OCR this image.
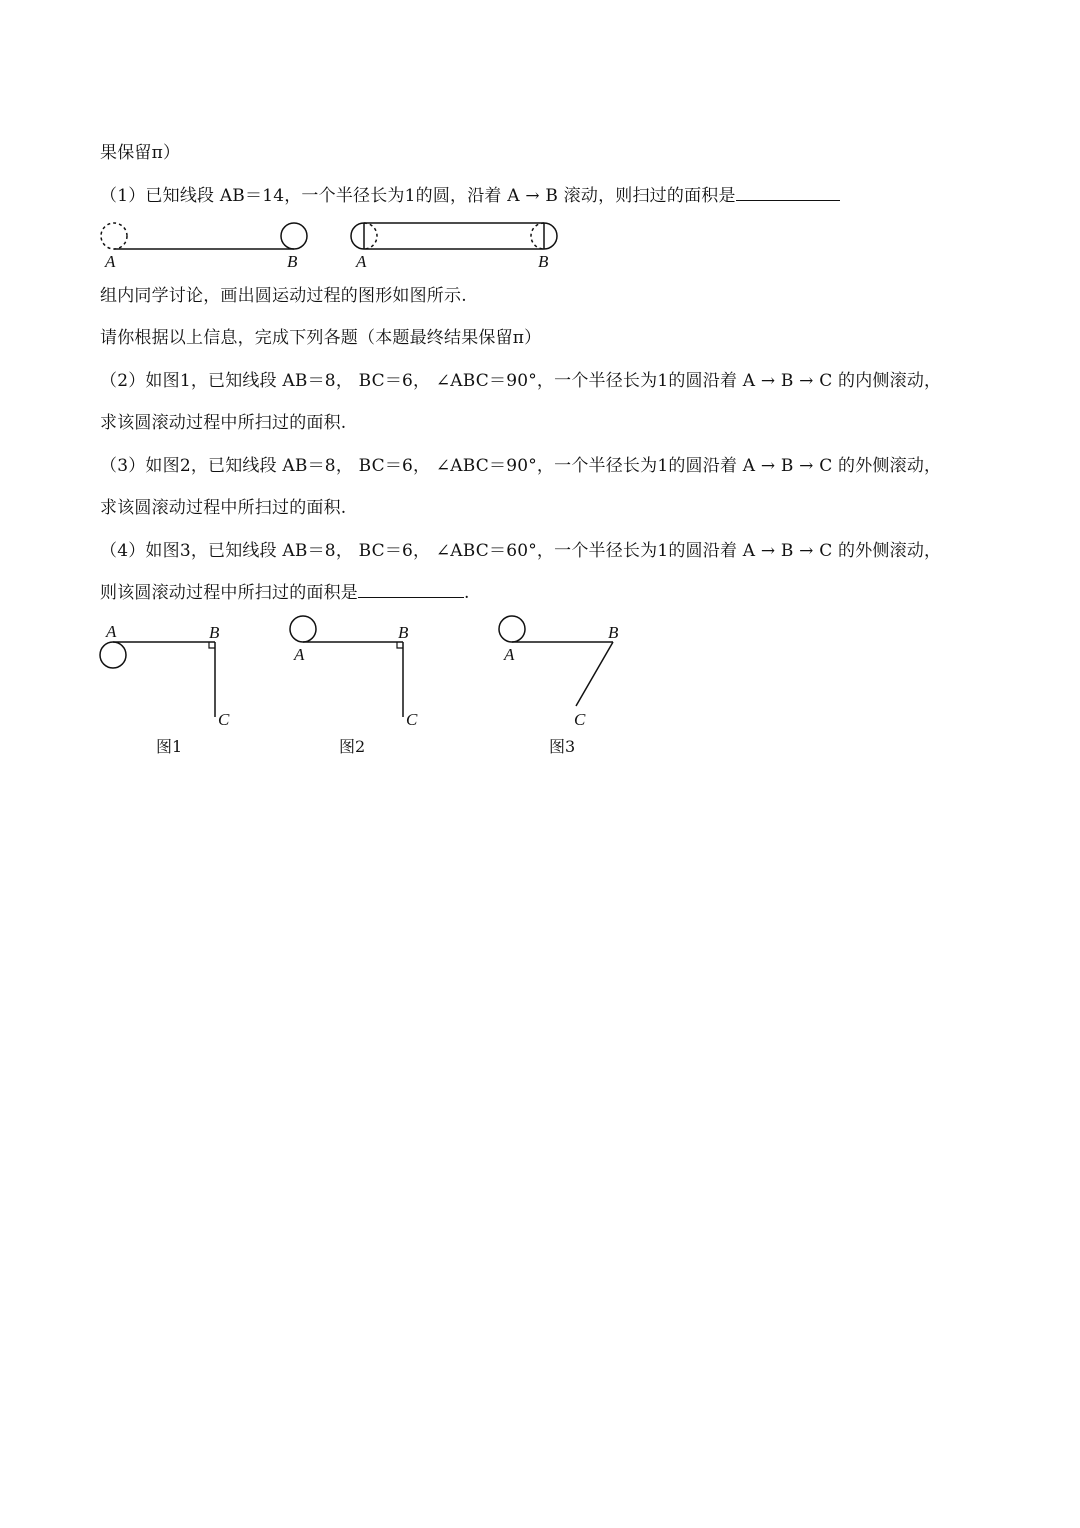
果保留π）
（1）已知线段 AB＝14，一个半径长为1的圆，沿着 A → B 滚动，则扫过的面积是
组内同学讨论，画出圆运动过程的图形如图所示.
请你根据以上信息，完成下列各题（本题最终结果保留π）
（2）如图1，已知线段 AB＝8， BC＝6， ∠ABC＝90°，一个半径长为1的圆沿着 A → B → C 的内侧滚动，
求该圆滚动过程中所扫过的面积.
（3）如图2，已知线段 AB＝8， BC＝6， ∠ABC＝90°，一个半径长为1的圆沿着 A → B → C 的外侧滚动，
求该圆滚动过程中所扫过的面积.
（4）如图3，已知线段 AB＝8， BC＝6， ∠ABC＝60°，一个半径长为1的圆沿着 A → B → C 的外侧滚动，
则该圆滚动过程中所扫过的面积是	.
A	B	A	B
A	B
C
图1
A
B
C
图2
A
B
C
图3
